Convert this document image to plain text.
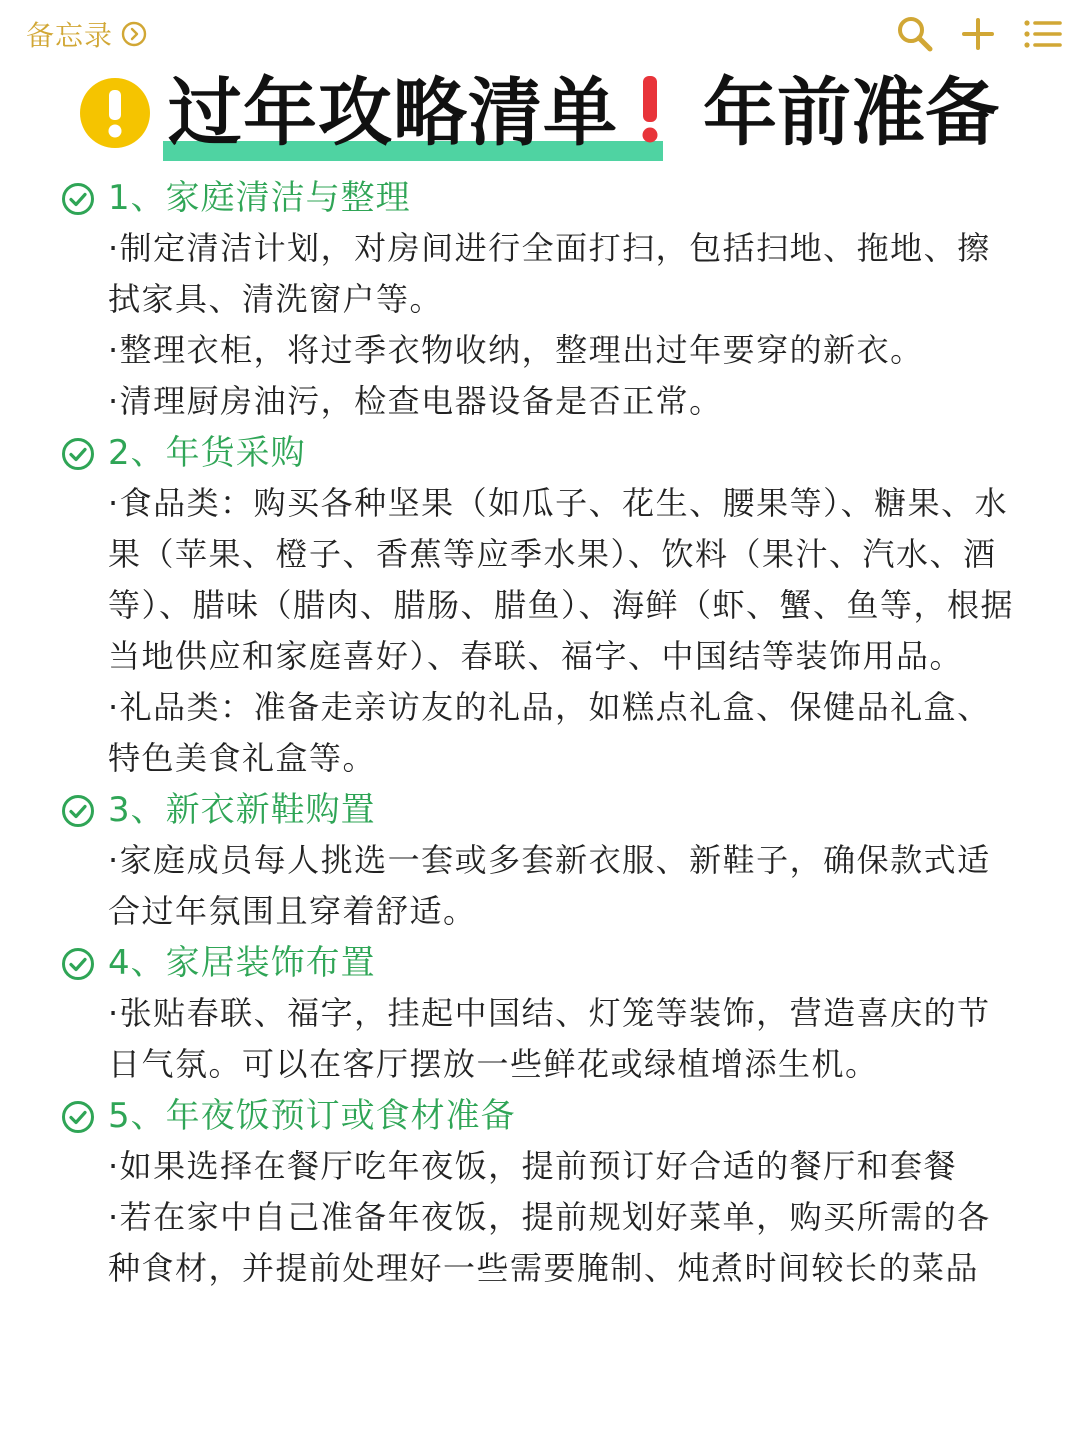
备忘录
过年攻略清单 年前准备
1、家庭清洁与整理

·制定清洁计划，对房间进行全面打扫，包括扫地、拖地、擦拭家具、清洗窗户等。

·整理衣柜，将过季衣物收纳，整理出过年要穿的新衣。

·清理厨房油污，检查电器设备是否正常。

2、年货采购

·食品类：购买各种坚果（如瓜子、花生、腰果等）、糖果、水果（苹果、橙子、香蕉等应季水果）、饮料（果汁、汽水、酒等）、腊味（腊肉、腊肠、腊鱼）、海鲜（虾、蟹、鱼等，根据当地供应和家庭喜好）、春联、福字、中国结等装饰用品。

·礼品类：准备走亲访友的礼品，如糕点礼盒、保健品礼盒、特色美食礼盒等。

3、新衣新鞋购置

·家庭成员每人挑选一套或多套新衣服、新鞋子，确保款式适合过年氛围且穿着舒适。

4、家居装饰布置

·张贴春联、福字，挂起中国结、灯笼等装饰，营造喜庆的节日气氛。可以在客厅摆放一些鲜花或绿植增添生机。

5、年夜饭预订或食材准备

·如果选择在餐厅吃年夜饭，提前预订好合适的餐厅和套餐

·若在家中自己准备年夜饭，提前规划好菜单，购买所需的各种食材，并提前处理好一些需要腌制、炖煮时间较长的菜品
